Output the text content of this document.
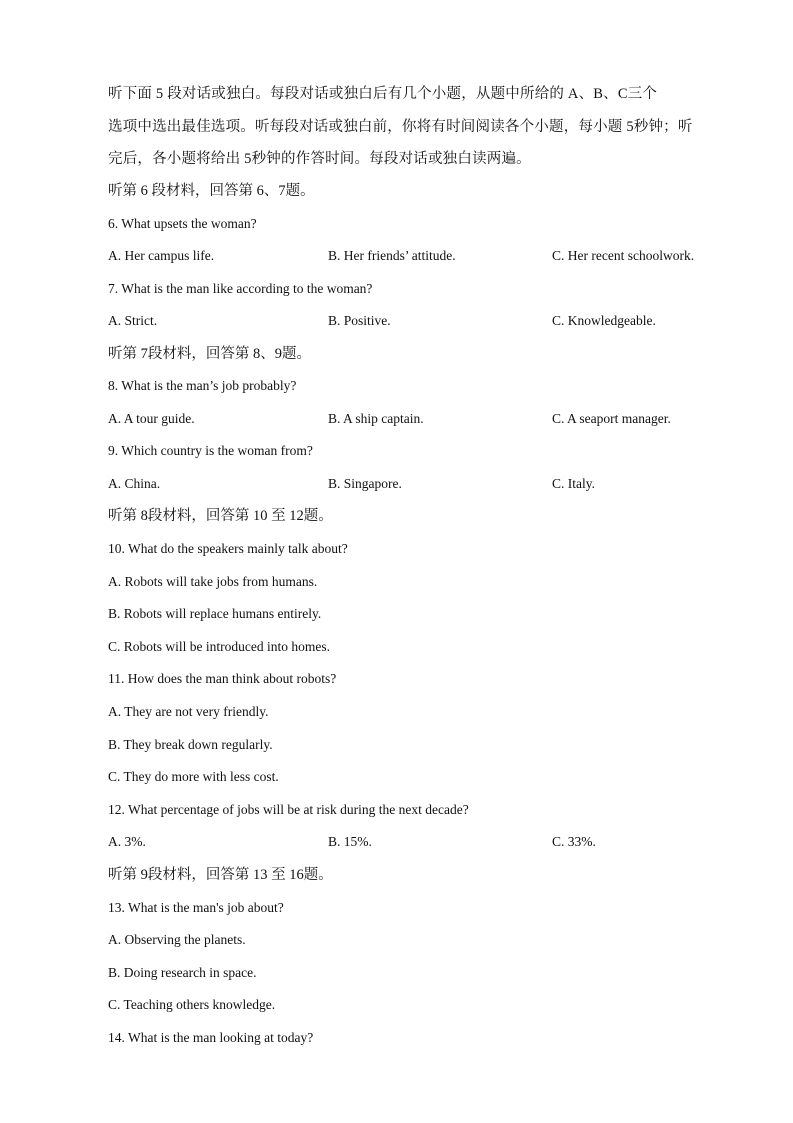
听下面 5 段对话或独白。每段对话或独白后有几个小题，从题中所给的 A、B、C三个
选项中选出最佳选项。听每段对话或独白前，你将有时间阅读各个小题，每小题 5秒钟；听
完后，各小题将给出 5秒钟的作答时间。每段对话或独白读两遍。
听第 6 段材料，回答第 6、7题。
6. What upsets the woman?
A. Her campus life.	B. Her friends’ attitude.	C. Her recent schoolwork.
7. What is the man like according to the woman?
A. Strict.	B. Positive.	C. Knowledgeable.
听第 7段材料，回答第 8、9题。
8. What is the man’s job probably?
A. A tour guide.	B. A ship captain.	C. A seaport manager.
9. Which country is the woman from?
A. China.	B. Singapore.	C. Italy.
听第 8段材料，回答第 10 至 12题。
10. What do the speakers mainly talk about?
A. Robots will take jobs from humans.
B. Robots will replace humans entirely.
C. Robots will be introduced into homes.
11. How does the man think about robots?
A. They are not very friendly.
B. They break down regularly.
C. They do more with less cost.
12. What percentage of jobs will be at risk during the next decade?
A. 3%.	B. 15%.	C. 33%.
听第 9段材料，回答第 13 至 16题。
13. What is the man's job about?
A. Observing the planets.
B. Doing research in space.
C. Teaching others knowledge.
14. What is the man looking at today?
